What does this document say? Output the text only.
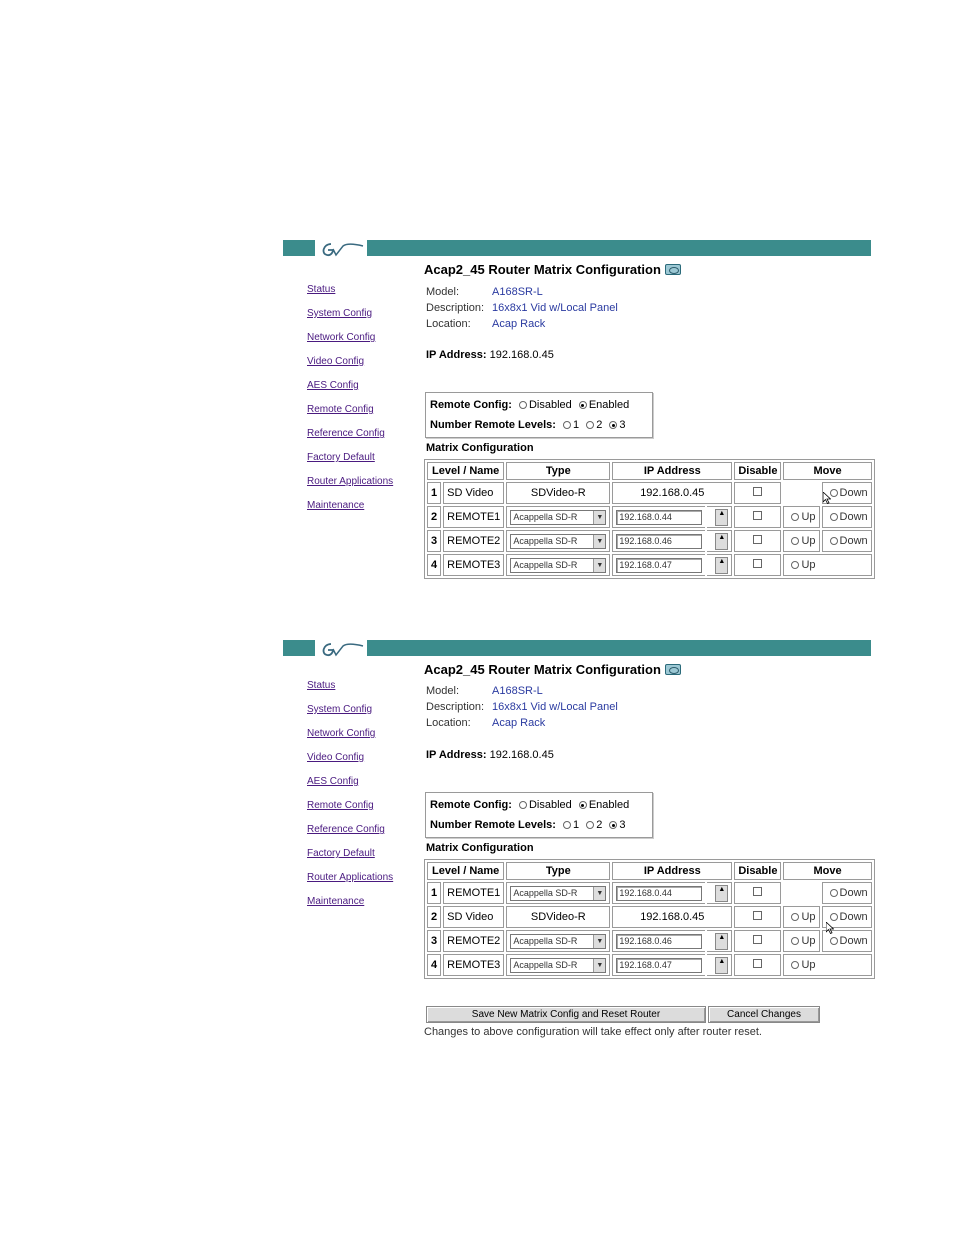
Status
System Config
Network Config
Video Config
AES Config
Remote Config
Reference Config
Factory Default
Router Applications
Maintenance
Acap2_45 Router Matrix Configuration
Model:	A168SR-L
Description: 16x8x1 Vid w/Local Panel
Location: Acap Rack
IP Address: 192.168.0.45
Remote Config: Disabled Enabled
Number Remote Levels: 1 2 3
Matrix Configuration
Level / Name		Type	IP Address		Disable	Move	
1	SD Video	SDVideo-R	192.168.0.45				Down
2	REMOTE1	Acappella SD-R ▼	192.168.0.44	▲		Up	Down
3	REMOTE2	Acappella SD-R ▼	192.168.0.46	▲		Up	Down
4	REMOTE3	Acappella SD-R ▼	192.168.0.47	▲		Up	
Status
System Config
Network Config
Video Config
AES Config
Remote Config
Reference Config
Factory Default
Router Applications
Maintenance
Acap2_45 Router Matrix Configuration
Model:	A168SR-L
Description: 16x8x1 Vid w/Local Panel
Location: Acap Rack
IP Address: 192.168.0.45
Remote Config: Disabled Enabled
Number Remote Levels: 1 2 3
Matrix Configuration
Level / Name		Type	IP Address		Disable	Move	
1	REMOTE1	Acappella SD-R ▼	192.168.0.44	▲			Down
2	SD Video	SDVideo-R	192.168.0.45			Up	Down
3	REMOTE2	Acappella SD-R ▼	192.168.0.46	▲		Up	Down
4	REMOTE3	Acappella SD-R ▼	192.168.0.47	▲		Up	
Save New Matrix Config and Reset Router	Cancel Changes
Changes to above configuration will take effect only after router reset.
